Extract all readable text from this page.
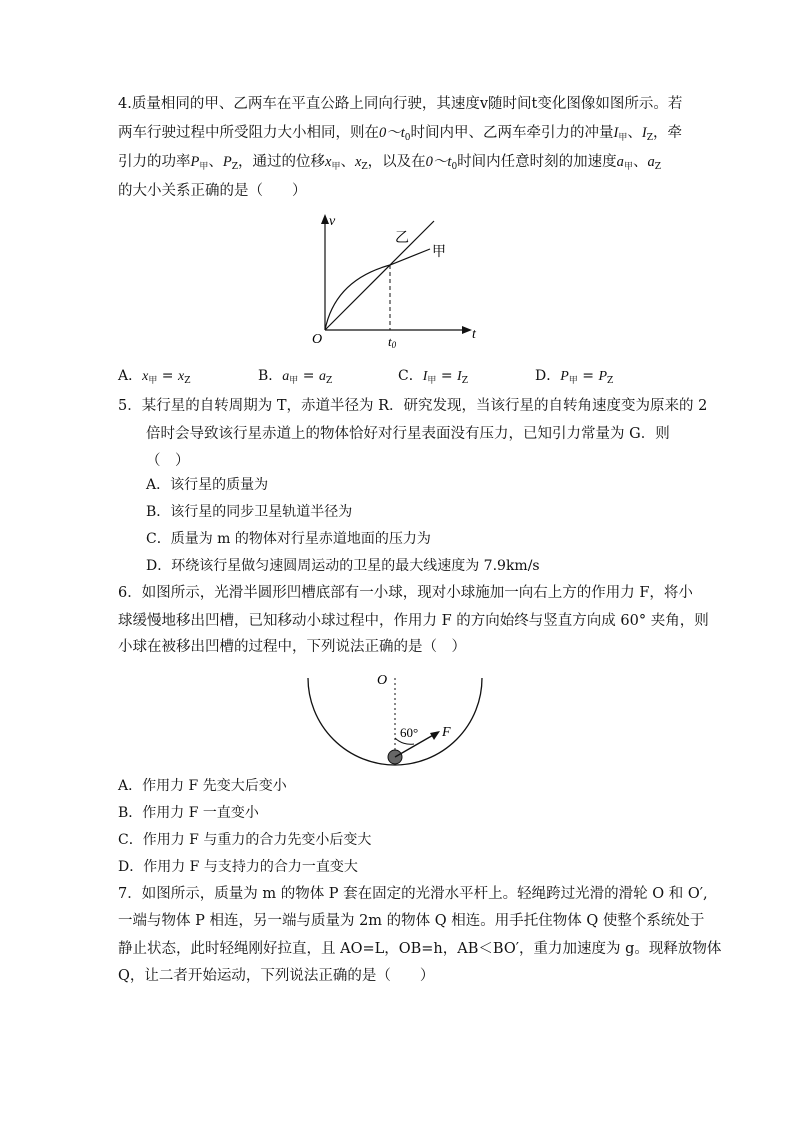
4.质量相同的甲、乙两车在平直公路上同向行驶，其速度v随时间t变化图像如图所示。若
两车行驶过程中所受阻力大小相同，则在$0\sim t_0$时间内甲、乙两车牵引力的冲量$I_甲$、$I_Z$，牵
引力的功率$P_甲$、$P_Z$，通过的位移$x_甲$、$x_Z$，以及在$0\sim t_0$时间内任意时刻的加速度$a_甲$、$a_Z$
的大小关系正确的是（　　）
v
t
O	t0
乙
甲
A．$x_甲 = x_Z$	B．$a_甲 = a_Z$	C．$I_甲 = I_Z$	D．$P_甲 = P_Z$
5．某行星的自转周期为 T，赤道半径为 R．研究发现，当该行星的自转角速度变为原来的 2
倍时会导致该行星赤道上的物体恰好对行星表面没有压力，已知引力常量为 G．则
（　）
A．该行星的质量为
B．该行星的同步卫星轨道半径为
C．质量为 m 的物体对行星赤道地面的压力为
D．环绕该行星做匀速圆周运动的卫星的最大线速度为 7.9km/s
6．如图所示，光滑半圆形凹槽底部有一小球，现对小球施加一向右上方的作用力 F，将小
球缓慢地移出凹槽，已知移动小球过程中，作用力 F 的方向始终与竖直方向成 60° 夹角，则
小球在被移出凹槽的过程中，下列说法正确的是（　）
O
60° F
A．作用力 F 先变大后变小
B．作用力 F 一直变小
C．作用力 F 与重力的合力先变小后变大
D．作用力 F 与支持力的合力一直变大
7．如图所示，质量为 m 的物体 P 套在固定的光滑水平杆上。轻绳跨过光滑的滑轮 O 和 O′,
一端与物体 P 相连，另一端与质量为 2m 的物体 Q 相连。用手托住物体 Q 使整个系统处于
静止状态，此时轻绳刚好拉直，且 AO=L，OB=h，AB＜BO′，重力加速度为 g。现释放物体
Q，让二者开始运动，下列说法正确的是（　　）
